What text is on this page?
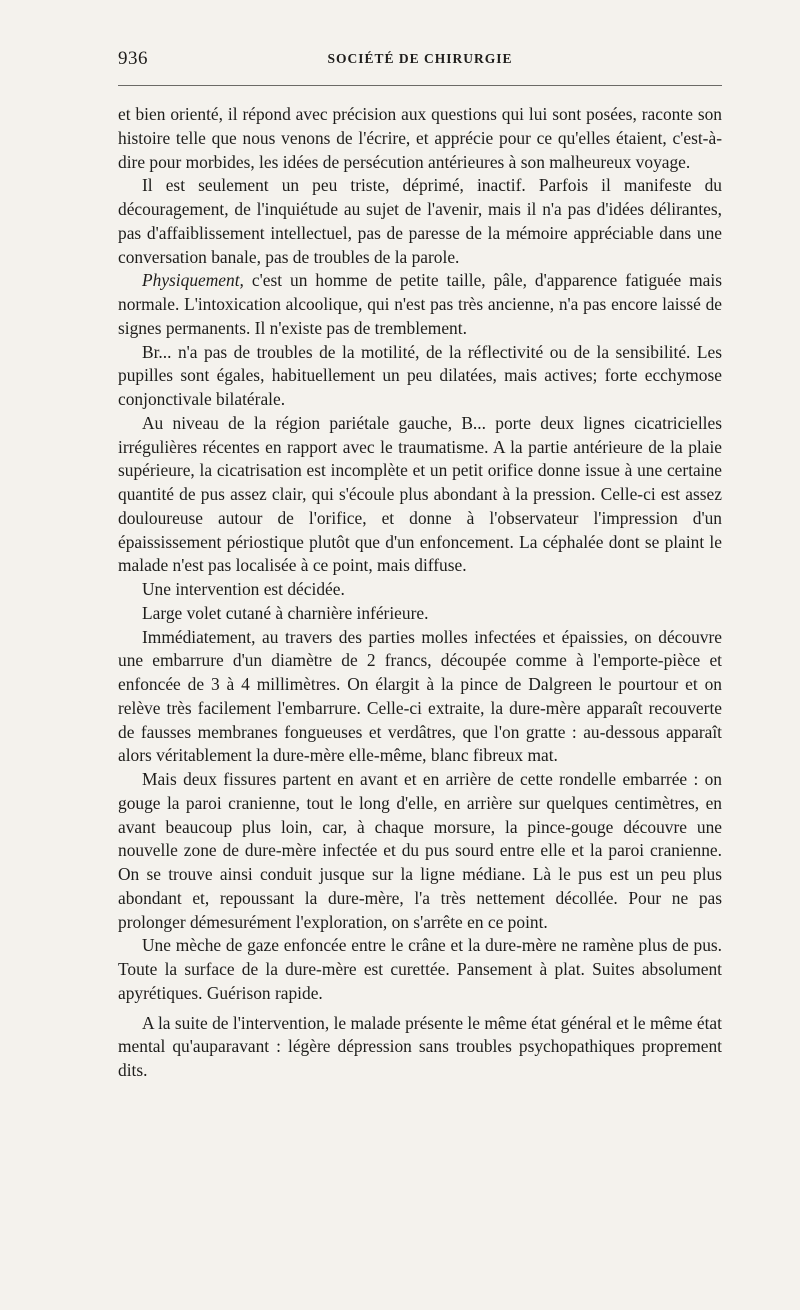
936	SOCIÉTÉ DE CHIRURGIE

et bien orienté, il répond avec précision aux questions qui lui sont posées, raconte son histoire telle que nous venons de l'écrire, et apprécie pour ce qu'elles étaient, c'est-à-dire pour morbides, les idées de persécution antérieures à son malheureux voyage.

Il est seulement un peu triste, déprimé, inactif. Parfois il manifeste du découragement, de l'inquiétude au sujet de l'avenir, mais il n'a pas d'idées délirantes, pas d'affaiblissement intellectuel, pas de paresse de la mémoire appréciable dans une conversation banale, pas de troubles de la parole.

Physiquement, c'est un homme de petite taille, pâle, d'apparence fatiguée mais normale. L'intoxication alcoolique, qui n'est pas très ancienne, n'a pas encore laissé de signes permanents. Il n'existe pas de tremblement.

Br... n'a pas de troubles de la motilité, de la réflectivité ou de la sensibilité. Les pupilles sont égales, habituellement un peu dilatées, mais actives; forte ecchymose conjonctivale bilatérale.

Au niveau de la région pariétale gauche, B... porte deux lignes cicatricielles irrégulières récentes en rapport avec le traumatisme. A la partie antérieure de la plaie supérieure, la cicatrisation est incomplète et un petit orifice donne issue à une certaine quantité de pus assez clair, qui s'écoule plus abondant à la pression. Celle-ci est assez douloureuse autour de l'orifice, et donne à l'observateur l'impression d'un épaississement périostique plutôt que d'un enfoncement. La céphalée dont se plaint le malade n'est pas localisée à ce point, mais diffuse.

Une intervention est décidée.

Large volet cutané à charnière inférieure.

Immédiatement, au travers des parties molles infectées et épaissies, on découvre une embarrure d'un diamètre de 2 francs, découpée comme à l'emporte-pièce et enfoncée de 3 à 4 millimètres. On élargit à la pince de Dalgreen le pourtour et on relève très facilement l'embarrure. Celle-ci extraite, la dure-mère apparaît recouverte de fausses membranes fongueuses et verdâtres, que l'on gratte : au-dessous apparaît alors véritablement la dure-mère elle-même, blanc fibreux mat.

Mais deux fissures partent en avant et en arrière de cette rondelle embarrée : on gouge la paroi cranienne, tout le long d'elle, en arrière sur quelques centimètres, en avant beaucoup plus loin, car, à chaque morsure, la pince-gouge découvre une nouvelle zone de dure-mère infectée et du pus sourd entre elle et la paroi cranienne. On se trouve ainsi conduit jusque sur la ligne médiane. Là le pus est un peu plus abondant et, repoussant la dure-mère, l'a très nettement décollée. Pour ne pas prolonger démesurément l'exploration, on s'arrête en ce point.

Une mèche de gaze enfoncée entre le crâne et la dure-mère ne ramène plus de pus. Toute la surface de la dure-mère est curettée. Pansement à plat. Suites absolument apyrétiques. Guérison rapide.

A la suite de l'intervention, le malade présente le même état général et le même état mental qu'auparavant : légère dépression sans troubles psychopathiques proprement dits.
